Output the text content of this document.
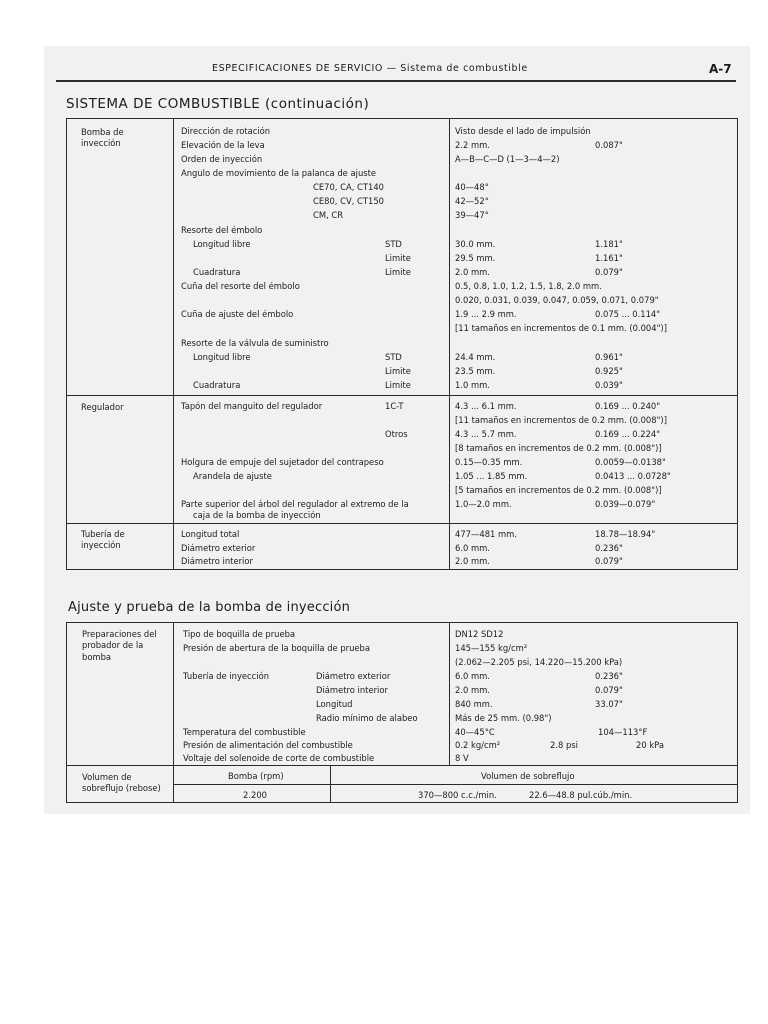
ESPECIFICACIONES DE SERVICIO — Sistema de combustible	A-7
SISTEMA DE COMBUSTIBLE (continuación)
Bomba de
invección
Dirección de rotación	Visto desde el lado de impulsión
Elevación de la leva	2.2 mm.	0.087"
Orden de inyección	A—B—C—D (1—3—4—2)
Angulo de movimiento de la palanca de ajuste
CE70, CA, CT140	40—48°
CE80, CV, CT150	42—52°
CM, CR	39—47°
Resorte del émbolo
Longitud libre	STD	30.0 mm.	1.181"
Limite	29.5 mm.	1.161"
Cuadratura	Limite	2.0 mm.	0.079"
Cuña del resorte del émbolo	0.5, 0.8, 1.0, 1.2, 1.5, 1.8, 2.0 mm.
0.020, 0.031, 0.039, 0.047, 0.059, 0.071, 0.079"
Cuña de ajuste del émbolo	1.9 ... 2.9 mm.	0.075 ... 0.114"
[11 tamaños en incrementos de 0.1 mm. (0.004")]
Resorte de la válvula de suministro
Longitud libre	STD	24.4 mm.	0.961"
Limite	23.5 mm.	0.925"
Cuadratura	Limite	1.0 mm.	0.039"
Regulador	Tapón del manguito del regulador	1C-T	4.3 ... 6.1 mm.	0.169 ... 0.240"
[11 tamaños en incrementos de 0.2 mm. (0.008")]
Otros	4.3 ... 5.7 mm.	0.169 ... 0.224"
[8 tamaños en incrementos de 0.2 mm. (0.008")]
Holgura de empuje del sujetador del contrapeso	0.15—0.35 mm.	0.0059—0.0138"
Arandela de ajuste	1.05 ... 1.85 mm.	0.0413 ... 0.0728"
[5 tamaños en incrementos de 0.2 mm. (0.008")]
Parte superior del árbol del regulador al extremo de la
caja de la bomba de inyección
1.0—2.0 mm.	0.039—0.079"
Tubería de
inyección
Longitud total	477—481 mm.	18.78—18.94"
Diámetro exterior	6.0 mm.	0.236"
Diámetro interior	2.0 mm.	0.079"
Ajuste y prueba de la bomba de inyección
Preparaciones del
probador de la
bomba
Tipo de boquilla de prueba	DN12 SD12
Presión de abertura de la boquilla de prueba	145—155 kg/cm²
(2.062—2.205 psi, 14.220—15.200 kPa)
Tubería de inyección	Diámetro exterior	6.0 mm.	0.236"
Diámetro interior	2.0 mm.	0.079"
Longitud	840 mm.	33.07"
Radio mínimo de alabeo	Más de 25 mm. (0.98")
Temperatura del combustible	40—45°C	104—113°F
Presión de alimentación del combustible	0.2 kg/cm²	2.8 psi	20 kPa
Voltaje del solenoide de corte de combustible	8 V
Volumen de
sobreflujo (rebose)
Bomba (rpm)	Volumen de sobreflujo
2.200	370—800 c.c./min.	22.6—48.8 pul.cúb./min.
